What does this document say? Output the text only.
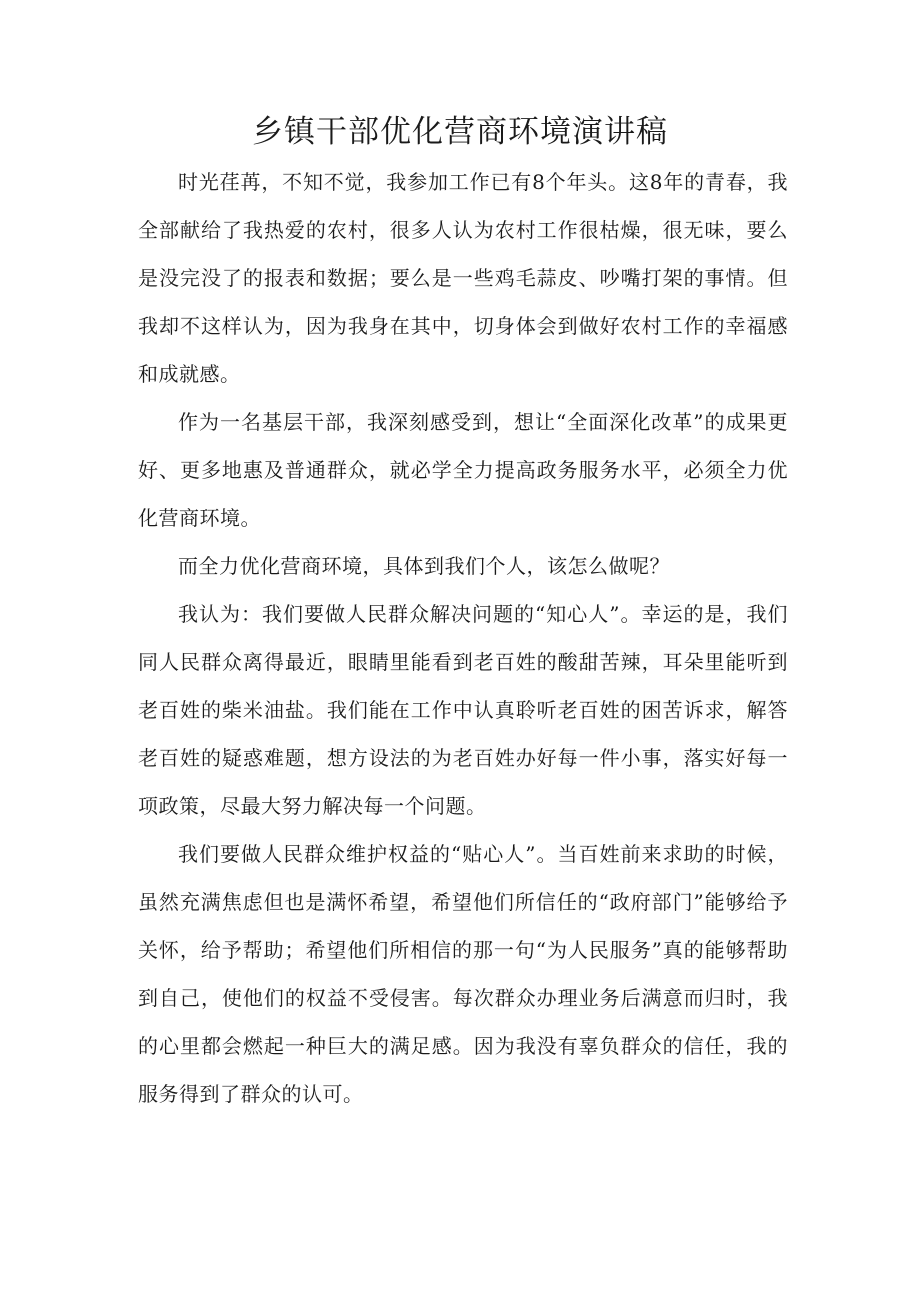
乡镇干部优化营商环境演讲稿

时光荏苒，不知不觉，我参加工作已有8个年头。这8年的青春，我全部献给了我热爱的农村，很多人认为农村工作很枯燥，很无味，要么是没完没了的报表和数据；要么是一些鸡毛蒜皮、吵嘴打架的事情。但我却不这样认为，因为我身在其中，切身体会到做好农村工作的幸福感和成就感。

作为一名基层干部，我深刻感受到，想让“全面深化改革”的成果更好、更多地惠及普通群众，就必学全力提高政务服务水平，必须全力优化营商环境。

而全力优化营商环境，具体到我们个人，该怎么做呢？

我认为：我们要做人民群众解决问题的“知心人”。幸运的是，我们同人民群众离得最近，眼睛里能看到老百姓的酸甜苦辣，耳朵里能听到老百姓的柴米油盐。我们能在工作中认真聆听老百姓的困苦诉求，解答老百姓的疑惑难题，想方设法的为老百姓办好每一件小事，落实好每一项政策，尽最大努力解决每一个问题。

我们要做人民群众维护权益的“贴心人”。当百姓前来求助的时候，虽然充满焦虑但也是满怀希望，希望他们所信任的“政府部门”能够给予关怀，给予帮助；希望他们所相信的那一句“为人民服务”真的能够帮助到自己，使他们的权益不受侵害。每次群众办理业务后满意而归时，我的心里都会燃起一种巨大的满足感。因为我没有辜负群众的信任，我的服务得到了群众的认可。
